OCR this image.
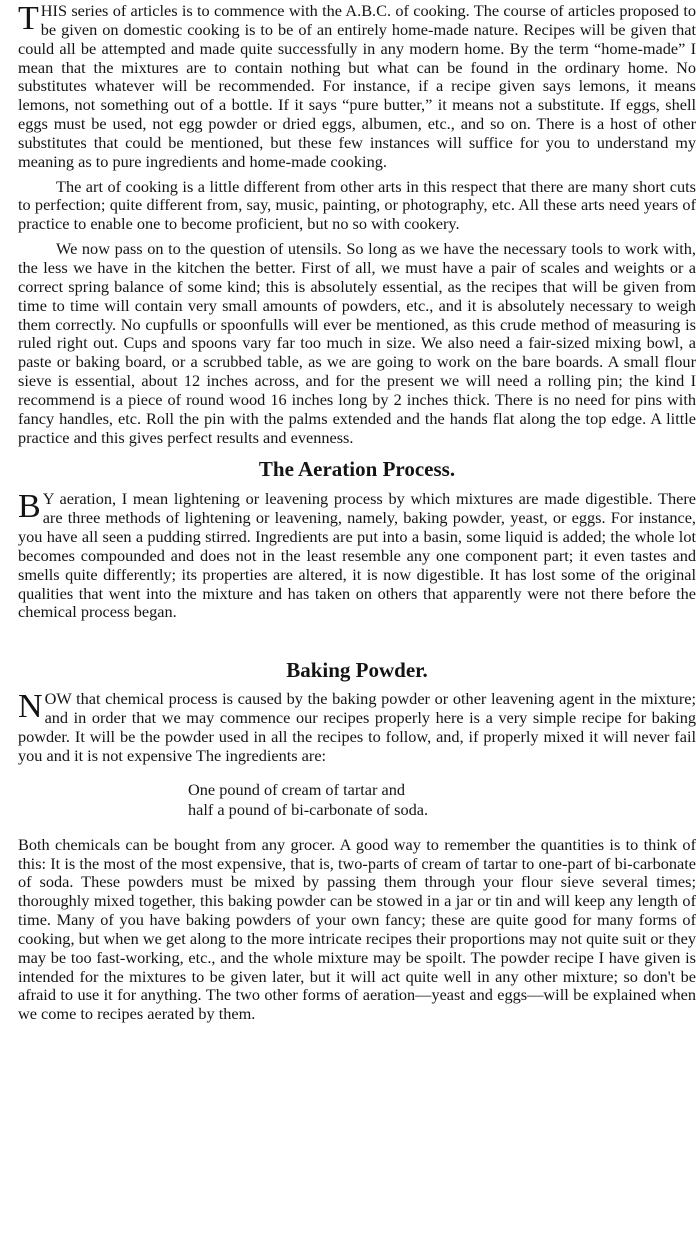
THIS series of articles is to commence with the A.B.C. of cooking. The course of articles proposed to be given on domestic cooking is to be of an entirely home-made nature. Recipes will be given that could all be attempted and made quite successfully in any modern home. By the term “home-made” I mean that the mixtures are to contain nothing but what can be found in the ordinary home. No substitutes whatever will be recommended. For instance, if a recipe given says lemons, it means lemons, not something out of a bottle. If it says “pure butter,” it means not a substitute. If eggs, shell eggs must be used, not egg powder or dried eggs, albumen, etc., and so on. There is a host of other substitutes that could be mentioned, but these few instances will suffice for you to understand my meaning as to pure ingredients and home-made cooking.

The art of cooking is a little different from other arts in this respect that there are many short cuts to perfection; quite different from, say, music, painting, or photography, etc. All these arts need years of practice to enable one to become proficient, but no so with cookery.

We now pass on to the question of utensils. So long as we have the necessary tools to work with, the less we have in the kitchen the better. First of all, we must have a pair of scales and weights or a correct spring balance of some kind; this is absolutely essential, as the recipes that will be given from time to time will contain very small amounts of powders, etc., and it is absolutely necessary to weigh them correctly. No cupfulls or spoonfulls will ever be mentioned, as this crude method of measuring is ruled right out. Cups and spoons vary far too much in size. We also need a fair-sized mixing bowl, a paste or baking board, or a scrubbed table, as we are going to work on the bare boards. A small flour sieve is essential, about 12 inches across, and for the present we will need a rolling pin; the kind I recommend is a piece of round wood 16 inches long by 2 inches thick. There is no need for pins with fancy handles, etc. Roll the pin with the palms extended and the hands flat along the top edge. A little practice and this gives perfect results and evenness.

The Aeration Process.

B Y aeration, I mean lightening or leavening process by which mixtures are made digestible. There are three methods of lightening or leavening, namely, baking powder, yeast, or eggs. For instance, you have all seen a pudding stirred. Ingredients are put into a basin, some liquid is added; the whole lot becomes compounded and does not in the least resemble any one component part; it even tastes and smells quite differently; its properties are altered, it is now digestible. It has lost some of the original qualities that went into the mixture and has taken on others that apparently were not there before the chemical process began.

Baking Powder.

NOW that chemical process is caused by the baking powder or other leavening agent in the mixture; and in order that we may commence our recipes properly here is a very simple recipe for baking powder. It will be the powder used in all the recipes to follow, and, if properly mixed it will never fail you and it is not expensive The ingredients are:

One pound of cream of tartar and
half a pound of bi-carbonate of soda.

Both chemicals can be bought from any grocer. A good way to remember the quantities is to think of this: It is the most of the most expensive, that is, two-parts of cream of tartar to one-part of bi-carbonate of soda. These powders must be mixed by passing them through your flour sieve several times; thoroughly mixed together, this baking powder can be stowed in a jar or tin and will keep any length of time. Many of you have baking powders of your own fancy; these are quite good for many forms of cooking, but when we get along to the more intricate recipes their proportions may not quite suit or they may be too fast-working, etc., and the whole mixture may be spoilt. The powder recipe I have given is intended for the mixtures to be given later, but it will act quite well in any other mixture; so don't be afraid to use it for anything. The two other forms of aeration—yeast and eggs—will be explained when we come to recipes aerated by them.
